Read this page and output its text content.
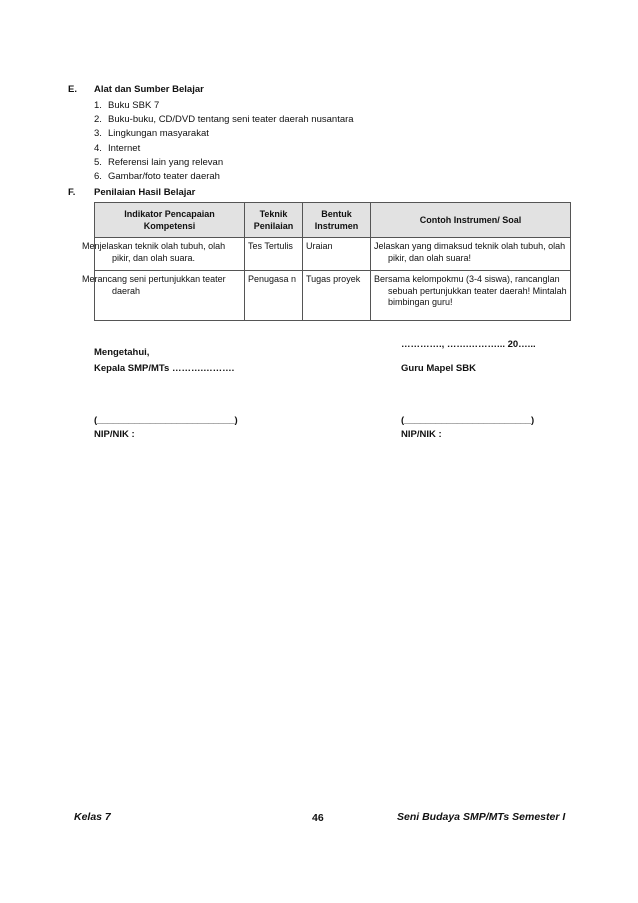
E. Alat dan Sumber Belajar
1. Buku SBK 7
2. Buku-buku, CD/DVD tentang seni teater daerah nusantara
3. Lingkungan masyarakat
4. Internet
5. Referensi lain yang relevan
6. Gambar/foto teater daerah
F. Penilaian Hasil Belajar
Indikator Pencapaian Kompetensi	Teknik Penilaian	Bentuk Instrumen	Contoh Instrumen/ Soal

Menjelaskan teknik olah tubuh, olah pikir, dan olah suara.	Tes Tertulis	Uraian	Jelaskan yang dimaksud teknik olah tubuh, olah pikir, dan olah suara!

Merancang seni pertunjukkan teater daerah	Penugasa n	Tugas proyek	Bersama kelompokmu (3-4 siswa), rancanglan sebuah pertunjukkan teater daerah! Mintalah bimbingan guru!
…………., …….………... 20…...
Mengetahui,
Kepala SMP/MTs ……….……….	Guru Mapel SBK
(__________________________)	(________________________)
NIP/NIK :	NIP/NIK :
Kelas 7	46	Seni Budaya SMP/MTs Semester I
